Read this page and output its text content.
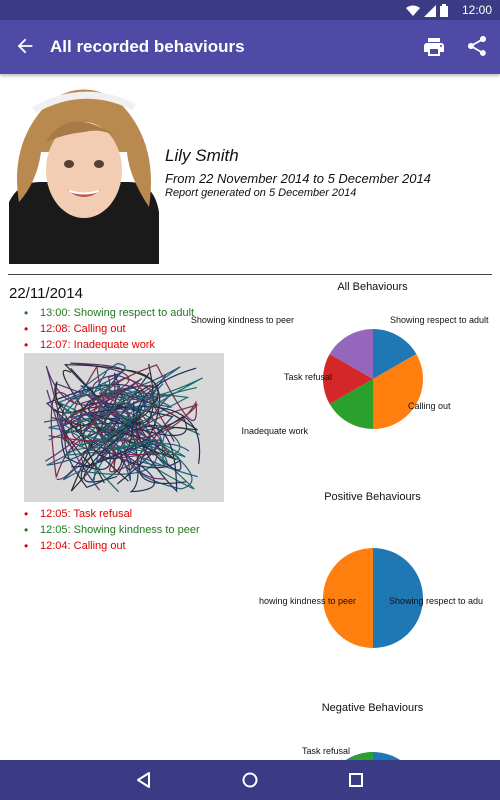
12:00
All recorded behaviours
Lily Smith
From 22 November 2014 to 5 December 2014
Report generated on 5 December 2014
22/11/2014
• 13:00: Showing respect to adult
• 12:08: Calling out
• 12:07: Inadequate work
• 12:05: Task refusal
• 12:05: Showing kindness to peer
• 12:04: Calling out
All Behaviours
Showing respect to adult
Calling out
Inadequate work
Task refusal
Showing kindness to peer
Positive Behaviours
Showing respect to adu
howing kindness to peer
Negative Behaviours
Task refusal
